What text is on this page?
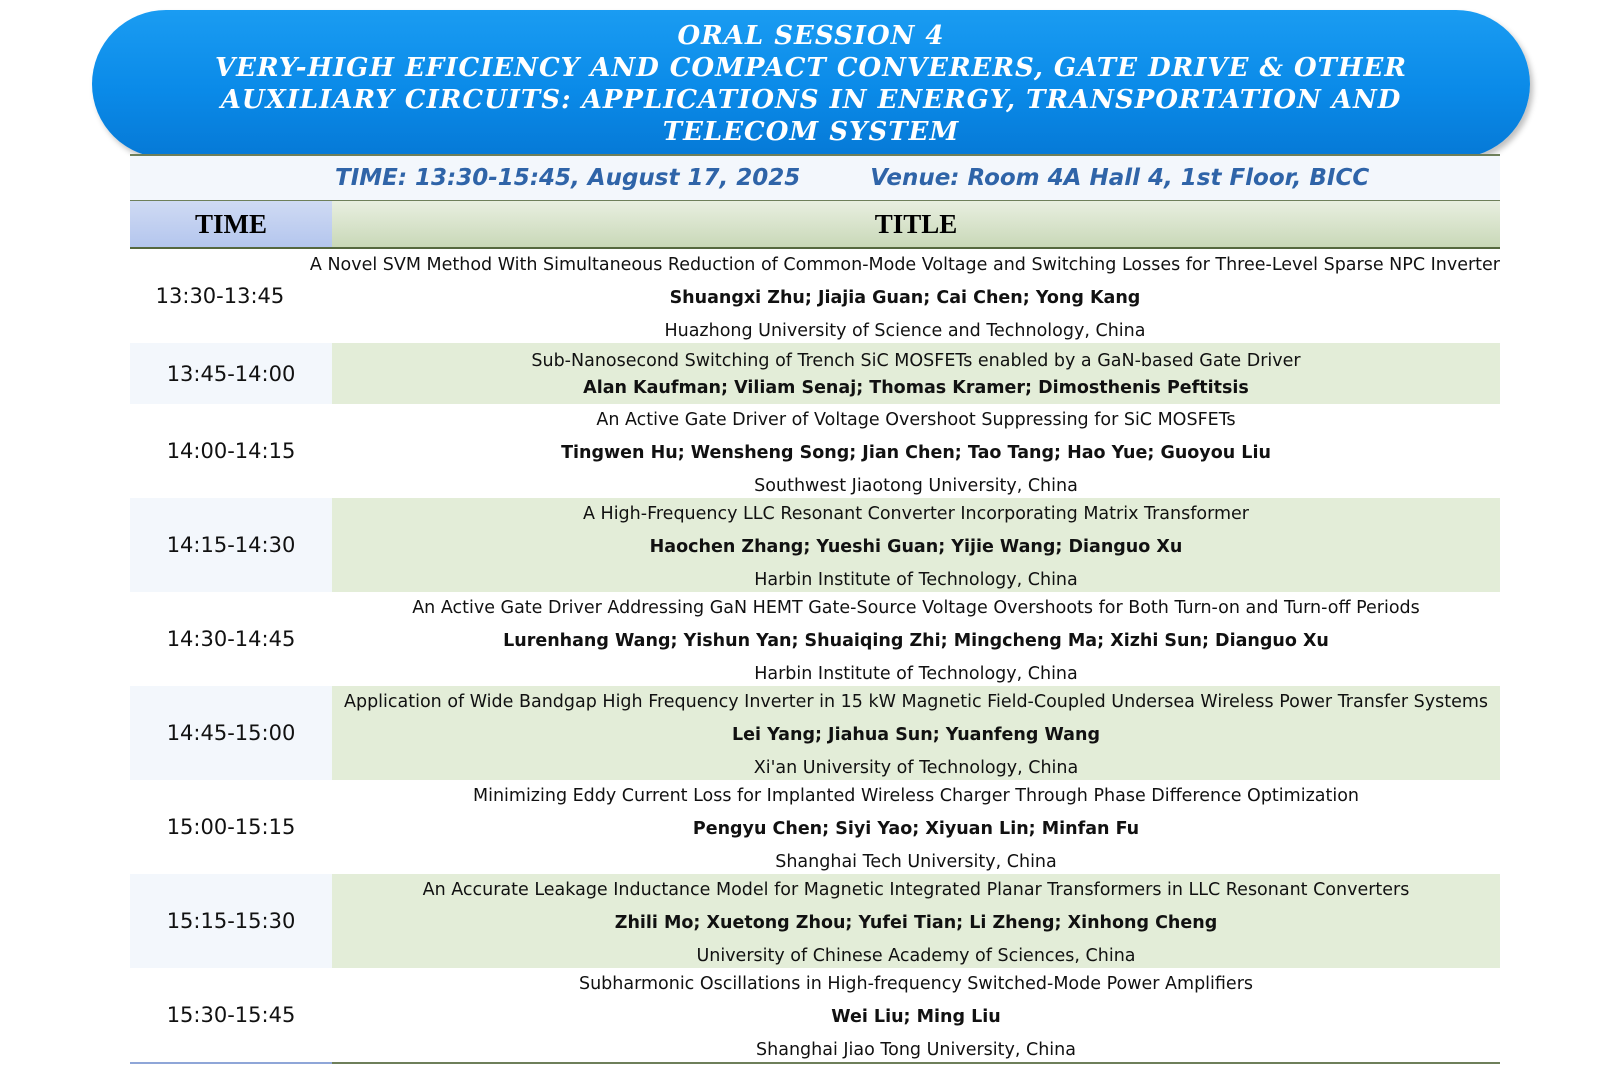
ORAL SESSION 4
VERY-HIGH EFICIENCY AND COMPACT CONVERERS, GATE DRIVE & OTHER
AUXILIARY CIRCUITS: APPLICATIONS IN ENERGY, TRANSPORTATION AND
TELECOM SYSTEM
TIME: 13:30-15:45, August 17, 2025	Venue: Room 4A Hall 4, 1st Floor, BICC
TIME	TITLE
13:30-13:45
A Novel SVM Method With Simultaneous Reduction of Common-Mode Voltage and Switching Losses for Three-Level Sparse NPC Inverter
Shuangxi Zhu; Jiajia Guan; Cai Chen; Yong Kang
Huazhong University of Science and Technology, China
13:45-14:00
Sub-Nanosecond Switching of Trench SiC MOSFETs enabled by a GaN-based Gate Driver
Alan Kaufman; Viliam Senaj; Thomas Kramer; Dimosthenis Peftitsis
14:00-14:15
An Active Gate Driver of Voltage Overshoot Suppressing for SiC MOSFETs
Tingwen Hu; Wensheng Song; Jian Chen; Tao Tang; Hao Yue; Guoyou Liu
Southwest Jiaotong University, China
14:15-14:30
A High-Frequency LLC Resonant Converter Incorporating Matrix Transformer
Haochen Zhang; Yueshi Guan; Yijie Wang; Dianguo Xu
Harbin Institute of Technology, China
14:30-14:45
An Active Gate Driver Addressing GaN HEMT Gate-Source Voltage Overshoots for Both Turn-on and Turn-off Periods
Lurenhang Wang; Yishun Yan; Shuaiqing Zhi; Mingcheng Ma; Xizhi Sun; Dianguo Xu
Harbin Institute of Technology, China
14:45-15:00
Application of Wide Bandgap High Frequency Inverter in 15 kW Magnetic Field-Coupled Undersea Wireless Power Transfer Systems
Lei Yang; Jiahua Sun; Yuanfeng Wang
Xi'an University of Technology, China
15:00-15:15
Minimizing Eddy Current Loss for Implanted Wireless Charger Through Phase Difference Optimization
Pengyu Chen; Siyi Yao; Xiyuan Lin; Minfan Fu
Shanghai Tech University, China
15:15-15:30
An Accurate Leakage Inductance Model for Magnetic Integrated Planar Transformers in LLC Resonant Converters
Zhili Mo; Xuetong Zhou; Yufei Tian; Li Zheng; Xinhong Cheng
University of Chinese Academy of Sciences, China
15:30-15:45
Subharmonic Oscillations in High-frequency Switched-Mode Power Amplifiers
Wei Liu; Ming Liu
Shanghai Jiao Tong University, China
